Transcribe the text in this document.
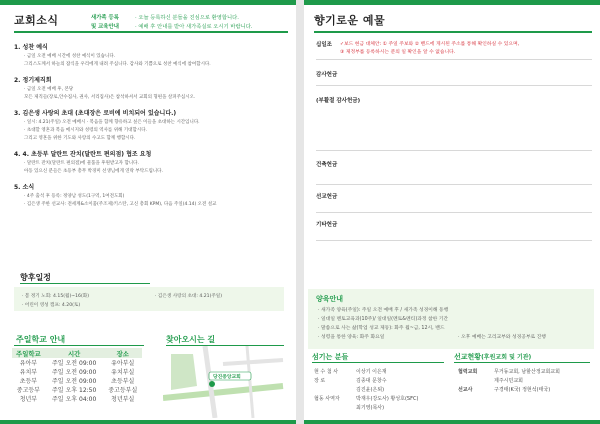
교회소식	새가족 등록
및 교육안내
· 오늘 등록하신 분들을 진심으로 환영합니다.
· 예배 후 안내를 받아 새가족실로 오시기 바랍니다.
1. 성찬 예식
· 금일 오전 예배 시간에 성찬 예식이 있습니다.
그리스도께서 하늘의 잡식을 우리에게 내려 주십니다. 감사와 기쁨으로 성찬 예식에 참여합시다.
2. 정기제직회
· 금일 오전 예배 후, 본당
모든 제직들(장로,안수집사, 권사, 서리집사)은 참석하셔서 교회의 형편을 살펴주십시오.
3. 김은생 사랑의 초대 (초대장은 로비에 비치되어 있습니다.)
· 일시: 4.21(주일) 오전 예배시 · 복음을 함께 향유하고 싶은 이들을 초대하는 시간입니다.
· 초대할 영혼과 복음 메시지와 성령의 역사를 위해 기대합시다.
그리고 영혼을 위한 기도와 사랑의 수고도 함께 행합시다.
4. 4. 초등부 달란트 잔치(달란트 편의점) 협조 요청
· 달란트 잔치(달란트 편의점)에 물품을 후원받고자 합니다.
아동 있으신 분들은 초등부 총무 박경미 선생님에게 연락 부탁드립니다.
5. 소식
· 4주 출석 후 등록: 정양남 성도(1구역, 1여전도회)
· 김은생 주한 선교사: 전세계&소이품(주조제)키스탄, 고신 총회 KPM), 다음 주일(4.14) 오전 설교
향후일정
· 봄 정기 노회: 4.15(월)~16(화)	· 김은생 사랑의 초대: 4.21(주일)
· 어린이 영성 캠프: 4.20(토)
주일학교 안내
주일학교	시간	장소
유아부	주일 오전 09:00	유아부실
유치부	주일 오전 09:00	유치부실
초등부	주일 오전 09:00	초등부실
중고등부	주일 오후 12:50	중고등부실
청년부	주일 오후 04:00	청년부실
찾아오시는 길
당진중앙교회
향기로운 예물
십일조 ✓보드 현금 대체안: ① 주일 주보와 ② 밴드에 게시된 주소를 통해 확인하실 수 있으며,
③ 제정부를 등록하시는 분의 일 확인을 알 수 없습니다.
감사헌금
(부활절 감사헌금)
건축헌금
선교헌금
기타헌금
양육안내
· 새가족 양육(주일): 주일 오전 예배 후 / 새가족 성경이해 동행
· 일대일 멘토교육과(10주)/ 일대일(멘토&멘티)과정 참한 기간
· 말씀으로 사는 삶(학업 성교 제동): 화주 월~금, 12시, 밴드
· 성령을 통한 양육: 화주 화요일	· 오후 예배는 고리교부와 성경공부로 진행
섬기는 분들
현 수 첨 사	이상기 이은재
장 로	김종대 문창수
김진윤(은퇴)
협동 사역자	박재우(강도사) 황성호(SFC)
최기영(목사)
선교현황(후원교회 및 기관)
협력교회	무거동교회, 남할산정교회교회
제주시민교회
선교사	구경태(K국) 정현석(태국)
